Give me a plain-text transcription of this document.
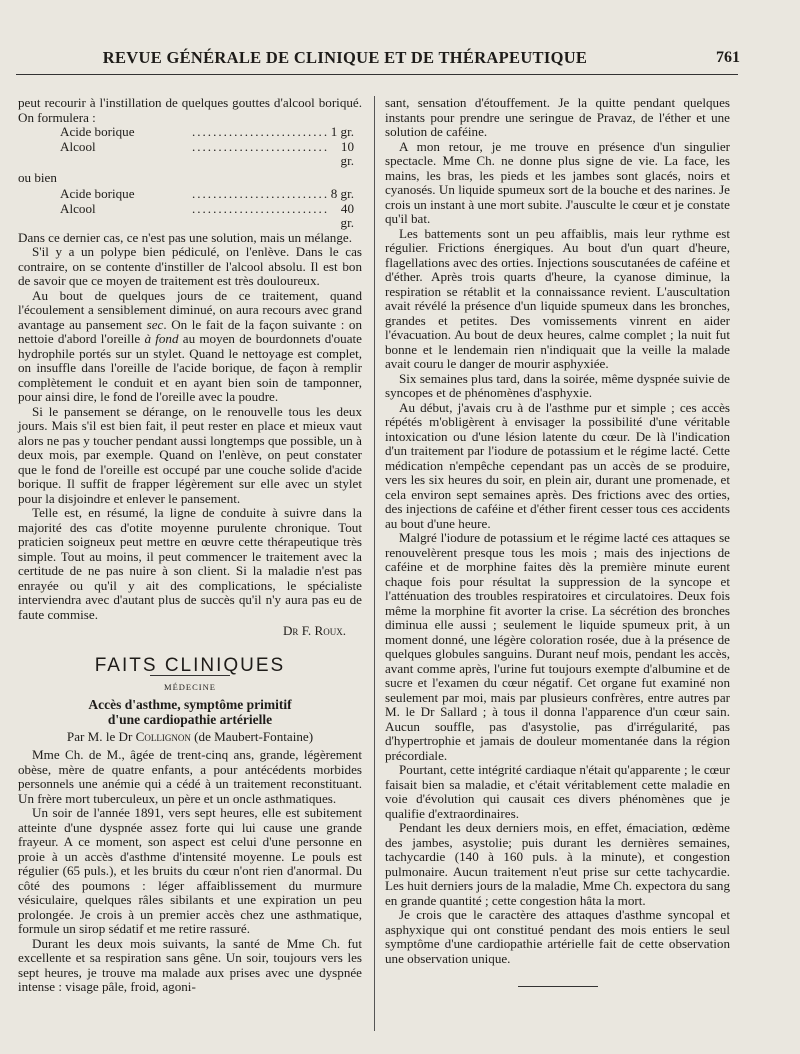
REVUE GÉNÉRALE DE CLINIQUE ET DE THÉRAPEUTIQUE	761

peut recourir à l'instillation de quelques gouttes d'alcool boriqué. On formulera :

Acide borique	.......................... 1 gr.
Alcool	.......................... 10 gr.

ou bien

Acide borique	.......................... 8 gr.
Alcool	.......................... 40 gr.

Dans ce dernier cas, ce n'est pas une solution, mais un mélange.

S'il y a un polype bien pédiculé, on l'enlève. Dans le cas contraire, on se contente d'instiller de l'alcool absolu. Il est bon de savoir que ce moyen de traitement est très douloureux.

Au bout de quelques jours de ce traitement, quand l'écoulement a sensiblement diminué, on aura recours avec grand avantage au pansement sec. On le fait de la façon suivante : on nettoie d'abord l'oreille à fond au moyen de bourdonnets d'ouate hydrophile portés sur un stylet. Quand le nettoyage est complet, on insuffle dans l'oreille de l'acide borique, de façon à remplir complètement le conduit et en ayant bien soin de tamponner, pour ainsi dire, le fond de l'oreille avec la poudre.

Si le pansement se dérange, on le renouvelle tous les deux jours. Mais s'il est bien fait, il peut rester en place et mieux vaut alors ne pas y toucher pendant aussi longtemps que possible, un à deux mois, par exemple. Quand on l'enlève, on peut constater que le fond de l'oreille est occupé par une couche solide d'acide borique. Il suffit de frapper légèrement sur elle avec un stylet pour la disjoindre et enlever le pansement.

Telle est, en résumé, la ligne de conduite à suivre dans la majorité des cas d'otite moyenne purulente chronique. Tout praticien soigneux peut mettre en œuvre cette thérapeutique très simple. Tout au moins, il peut commencer le traitement avec la certitude de ne pas nuire à son client. Si la maladie n'est pas enrayée ou qu'il y ait des complications, le spécialiste interviendra avec d'autant plus de succès qu'il n'y aura pas eu de faute commise.

Dr F. Roux.

FAITS CLINIQUES
MÉDECINE
Accès d'asthme, symptôme primitif
d'une cardiopathie artérielle
Par M. le Dr Collignon (de Maubert-Fontaine)

Mme Ch. de M., âgée de trent-cinq ans, grande, légèrement obèse, mère de quatre enfants, a pour antécédents morbides personnels une anémie qui a cédé à un traitement reconstituant. Un frère mort tuberculeux, un père et un oncle asthmatiques.

Un soir de l'année 1891, vers sept heures, elle est subitement atteinte d'une dyspnée assez forte qui lui cause une grande frayeur. A ce moment, son aspect est celui d'une personne en proie à un accès d'asthme d'intensité moyenne. Le pouls est régulier (65 puls.), et les bruits du cœur n'ont rien d'anormal. Du côté des poumons : léger affaiblissement du murmure vésiculaire, quelques râles sibilants et une expiration un peu prolongée. Je crois à un premier accès chez une asthmatique, formule un sirop sédatif et me retire rassuré.

Durant les deux mois suivants, la santé de Mme Ch. fut excellente et sa respiration sans gêne. Un soir, toujours vers les sept heures, je trouve ma malade aux prises avec une dyspnée intense : visage pâle, froid, agoni-

sant, sensation d'étouffement. Je la quitte pendant quelques instants pour prendre une seringue de Pravaz, de l'éther et une solution de caféine.

A mon retour, je me trouve en présence d'un singulier spectacle. Mme Ch. ne donne plus signe de vie. La face, les mains, les bras, les pieds et les jambes sont glacés, noirs et cyanosés. Un liquide spumeux sort de la bouche et des narines. Je crois un instant à une mort subite. J'ausculte le cœur et je constate qu'il bat.

Les battements sont un peu affaiblis, mais leur rythme est régulier. Frictions énergiques. Au bout d'un quart d'heure, flagellations avec des orties. Injections souscutanées de caféine et d'éther. Après trois quarts d'heure, la cyanose diminue, la respiration se rétablit et la connaissance revient. L'auscultation avait révélé la présence d'un liquide spumeux dans les bronches, grandes et petites. Des vomissements vinrent en aider l'évacuation. Au bout de deux heures, calme complet ; la nuit fut bonne et le lendemain rien n'indiquait que la veille la malade avait couru le danger de mourir asphyxiée.

Six semaines plus tard, dans la soirée, même dyspnée suivie de syncopes et de phénomènes d'asphyxie.

Au début, j'avais cru à de l'asthme pur et simple ; ces accès répétés m'obligèrent à envisager la possibilité d'une véritable intoxication ou d'une lésion latente du cœur. De là l'indication d'un traitement par l'iodure de potassium et le régime lacté. Cette médication n'empêche cependant pas un accès de se produire, vers les six heures du soir, en plein air, durant une promenade, et cela environ sept semaines après. Des frictions avec des orties, des injections de caféine et d'éther firent cesser tous ces accidents au bout d'une heure.

Malgré l'iodure de potassium et le régime lacté ces attaques se renouvelèrent presque tous les mois ; mais des injections de caféine et de morphine faites dès la première minute eurent chaque fois pour résultat la suppression de la syncope et l'atténuation des troubles respiratoires et circulatoires. Deux fois même la morphine fit avorter la crise. La sécrétion des bronches diminua elle aussi ; seulement le liquide spumeux prit, à un moment donné, une légère coloration rosée, due à la présence de quelques globules sanguins. Durant neuf mois, pendant les accès, avant comme après, l'urine fut toujours exempte d'albumine et de sucre et l'examen du cœur négatif. Cet organe fut examiné non seulement par moi, mais par plusieurs confrères, entre autres par M. le Dr Sallard ; à tous il donna l'apparence d'un cœur sain. Aucun souffle, pas d'asystolie, pas d'irrégularité, pas d'hypertrophie et jamais de douleur momentanée dans la région précordiale.

Pourtant, cette intégrité cardiaque n'était qu'apparente ; le cœur faisait bien sa maladie, et c'était véritablement cette maladie en voie d'évolution qui causait ces divers phénomènes que je qualifie d'extraordinaires.

Pendant les deux derniers mois, en effet, émaciation, œdème des jambes, asystolie; puis durant les dernières semaines, tachycardie (140 à 160 puls. à la minute), et congestion pulmonaire. Aucun traitement n'eut prise sur cette tachycardie. Les huit derniers jours de la maladie, Mme Ch. expectora du sang en grande quantité ; cette congestion hâta la mort.

Je crois que le caractère des attaques d'asthme syncopal et asphyxique qui ont constitué pendant des mois entiers le seul symptôme d'une cardiopathie artérielle fait de cette observation une observation unique.
